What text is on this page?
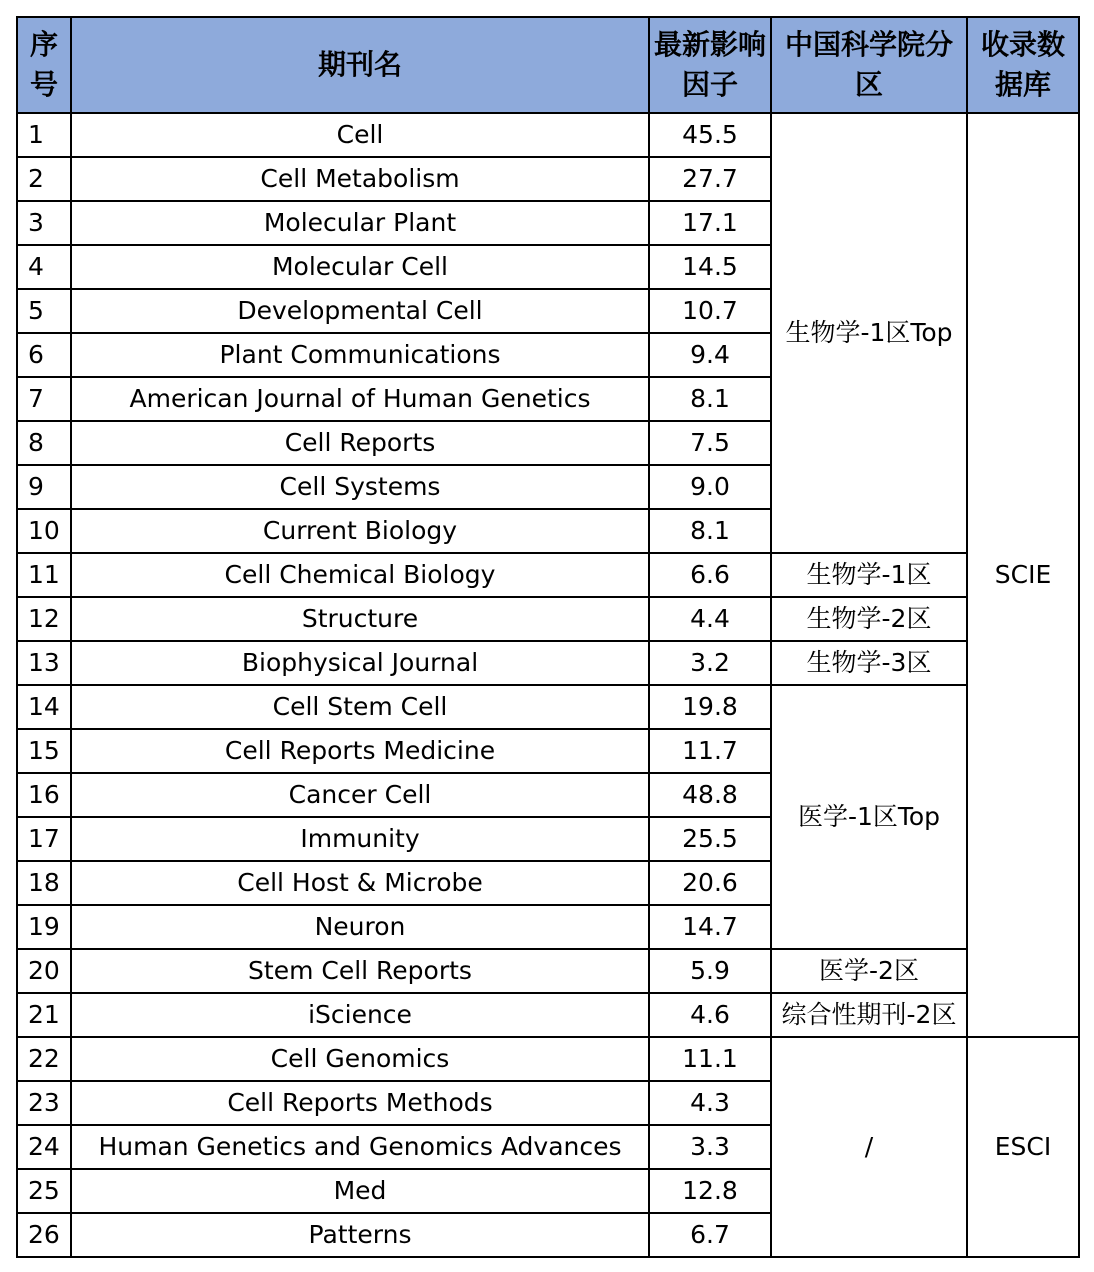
序号	期刊名	最新影响因子	中国科学院分区	收录数据库
1	Cell	45.5	生物学-1区Top	SCIE
2	Cell Metabolism	27.7		
3	Molecular Plant	17.1		
4	Molecular Cell	14.5		
5	Developmental Cell	10.7		
6	Plant Communications	9.4		
7	American Journal of Human Genetics	8.1		
8	Cell Reports	7.5		
9	Cell Systems	9.0		
10	Current Biology	8.1		
11	Cell Chemical Biology	6.6	生物学-1区	
12	Structure	4.4	生物学-2区	
13	Biophysical Journal	3.2	生物学-3区	
14	Cell Stem Cell	19.8	医学-1区Top	
15	Cell Reports Medicine	11.7		
16	Cancer Cell	48.8		
17	Immunity	25.5		
18	Cell Host & Microbe	20.6		
19	Neuron	14.7		
20	Stem Cell Reports	5.9	医学-2区	
21	iScience	4.6	综合性期刊-2区	
22	Cell Genomics	11.1	/	ESCI
23	Cell Reports Methods	4.3		
24	Human Genetics and Genomics Advances	3.3		
25	Med	12.8		
26	Patterns	6.7		
